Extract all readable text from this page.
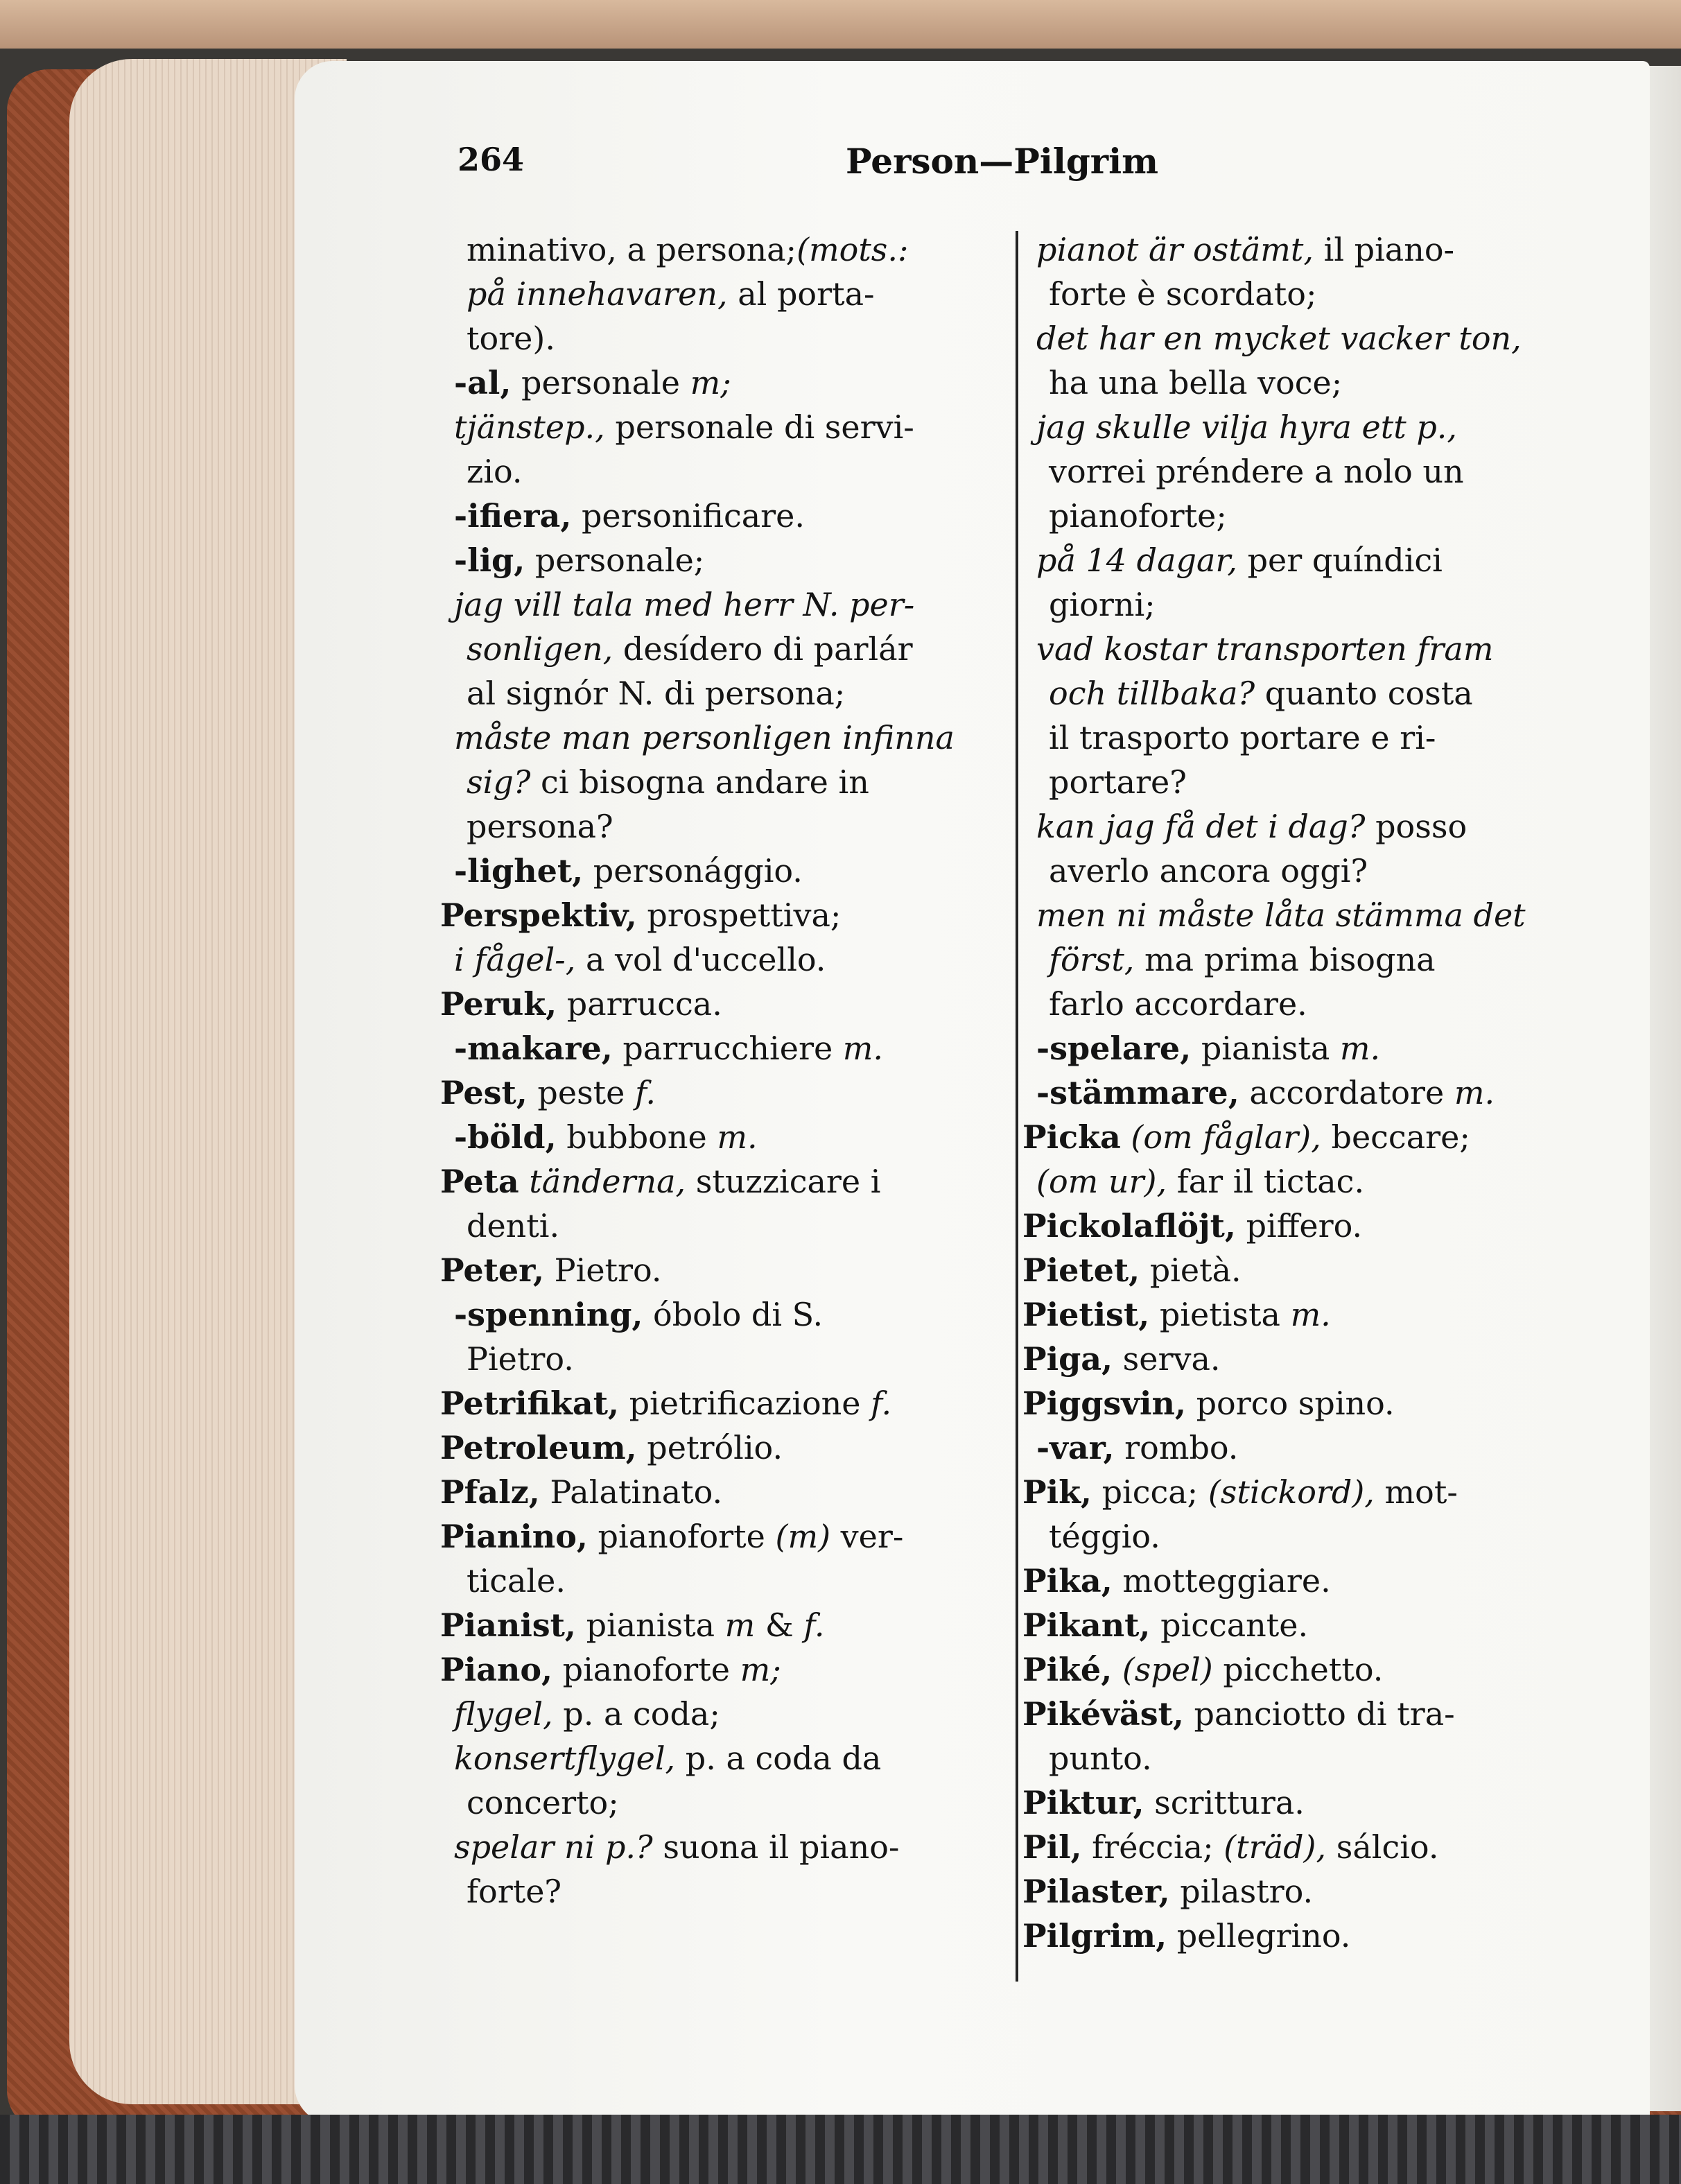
264	Person—Pilgrim
minativo, a persona;(mots.:
på innehavaren, al porta-
tore).
-al, personale m;
tjänstep., personale di servi-
zio.
-ifiera, personificare.
-lig, personale;
jag vill tala med herr N. per-
sonligen, desídero di parlár
al signór N. di persona;
måste man personligen infinna
sig? ci bisogna andare in
persona?
-lighet, personággio.
Perspektiv, prospettiva;
i fågel-, a vol d'uccello.
Peruk, parrucca.
-makare, parrucchiere m.
Pest, peste f.
-böld, bubbone m.
Peta tänderna, stuzzicare i
denti.
Peter, Pietro.
-spenning, óbolo di S.
Pietro.
Petrifikat, pietrificazione f.
Petroleum, petrólio.
Pfalz, Palatinato.
Pianino, pianoforte (m) ver-
ticale.
Pianist, pianista m & f.
Piano, pianoforte m;
flygel, p. a coda;
konsertflygel, p. a coda da
concerto;
spelar ni p.? suona il piano-
forte?
pianot är ostämt, il piano-
forte è scordato;
det har en mycket vacker ton,
ha una bella voce;
jag skulle vilja hyra ett p.,
vorrei préndere a nolo un
pianoforte;
på 14 dagar, per quíndici
giorni;
vad kostar transporten fram
och tillbaka? quanto costa
il trasporto portare e ri-
portare?
kan jag få det i dag? posso
averlo ancora oggi?
men ni måste låta stämma det
först, ma prima bisogna
farlo accordare.
-spelare, pianista m.
-stämmare, accordatore m.
Picka (om fåglar), beccare;
(om ur), far il tictac.
Pickolaflöjt, piffero.
Pietet, pietà.
Pietist, pietista m.
Piga, serva.
Piggsvin, porco spino.
-var, rombo.
Pik, picca; (stickord), mot-
téggio.
Pika, motteggiare.
Pikant, piccante.
Piké, (spel) picchetto.
Pikéväst, panciotto di tra-
punto.
Piktur, scrittura.
Pil, fréccia; (träd), sálcio.
Pilaster, pilastro.
Pilgrim, pellegrino.
